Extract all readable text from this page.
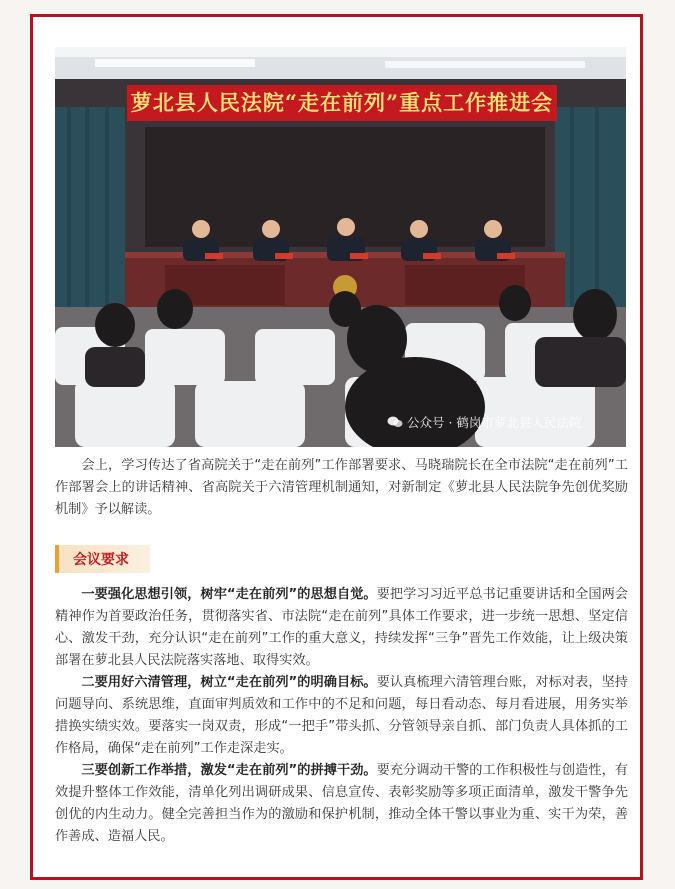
萝北县人民法院“走在前列”重点工作推进会
公众号 · 鹤岗市萝北县人民法院

会上，学习传达了省高院关于“走在前列”工作部署要求、马晓瑞院长在全市法院“走在前列”工作部署会上的讲话精神、省高院关于六清管理机制通知，对新制定《萝北县人民法院争先创优奖励机制》予以解读。

会议要求

一要强化思想引领，树牢“走在前列”的思想自觉。要把学习习近平总书记重要讲话和全国两会精神作为首要政治任务，贯彻落实省、市法院“走在前列”具体工作要求，进一步统一思想、坚定信心、激发干劲，充分认识“走在前列”工作的重大意义，持续发挥“三争”晋先工作效能，让上级决策部署在萝北县人民法院落实落地、取得实效。

二要用好六清管理，树立“走在前列”的明确目标。要认真梳理六清管理台账，对标对表，坚持问题导向、系统思维，直面审判质效和工作中的不足和问题，每日看动态、每月看进展，用务实举措换实绩实效。要落实一岗双责，形成“一把手”带头抓、分管领导亲自抓、部门负责人具体抓的工作格局，确保“走在前列”工作走深走实。

三要创新工作举措，激发“走在前列”的拼搏干劲。要充分调动干警的工作积极性与创造性，有效提升整体工作效能，清单化列出调研成果、信息宣传、表彰奖励等多项正面清单，激发干警争先创优的内生动力。健全完善担当作为的激励和保护机制，推动全体干警以事业为重、实干为荣，善作善成、造福人民。
